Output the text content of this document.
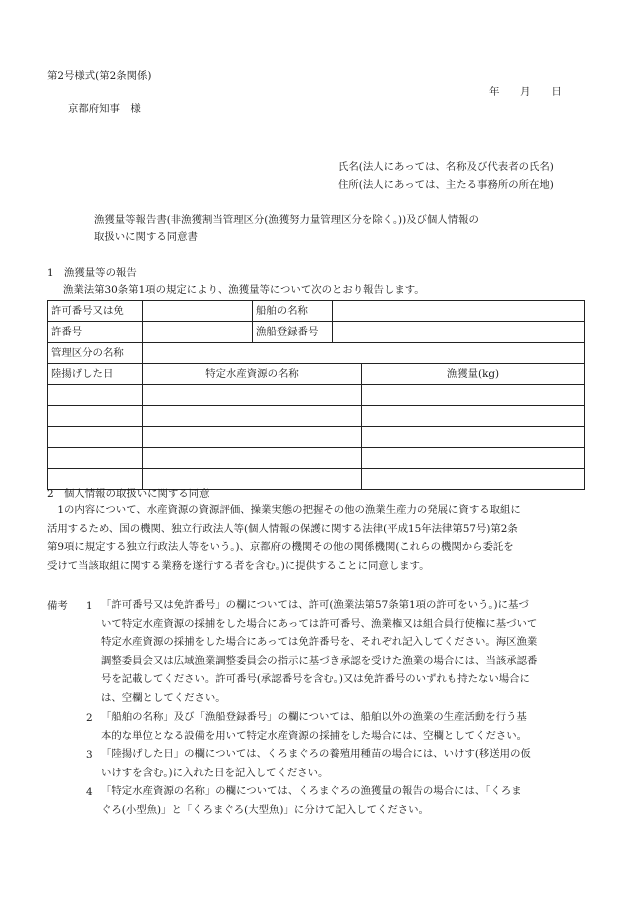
第2号様式(第2条関係)
年　　月　　日
京都府知事　様
氏名(法人にあっては、名称及び代表者の氏名)
住所(法人にあっては、主たる事務所の所在地)
漁獲量等報告書(非漁獲割当管理区分(漁獲努力量管理区分を除く。))及び個人情報の
取扱いに関する同意書
1　漁獲量等の報告
漁業法第30条第1項の規定により、漁獲量等について次のとおり報告します。
許可番号又は免		船舶の名称		
許番号		漁船登録番号		
管理区分の名称				
陸揚げした日	特定水産資源の名称			漁獲量(kg)

2　個人情報の取扱いに関する同意
　1の内容について、水産資源の資源評価、操業実態の把握その他の漁業生産力の発展に資する取組に
活用するため、国の機関、独立行政法人等(個人情報の保護に関する法律(平成15年法律第57号)第2条
第9項に規定する独立行政法人等をいう。)、京都府の機関その他の関係機関(これらの機関から委託を
受けて当該取組に関する業務を遂行する者を含む。)に提供することに同意します。
備考 1 「許可番号又は免許番号」の欄については、許可(漁業法第57条第1項の許可をいう。)に基づ
いて特定水産資源の採捕をした場合にあっては許可番号、漁業権又は組合員行使権に基づいて
特定水産資源の採捕をした場合にあっては免許番号を、それぞれ記入してください。海区漁業
調整委員会又は広域漁業調整委員会の指示に基づき承認を受けた漁業の場合には、当該承認番
号を記載してください。許可番号(承認番号を含む。)又は免許番号のいずれも持たない場合に
は、空欄としてください。
2 「船舶の名称」及び「漁船登録番号」の欄については、船舶以外の漁業の生産活動を行う基
本的な単位となる設備を用いて特定水産資源の採捕をした場合には、空欄としてください。
3 「陸揚げした日」の欄については、くろまぐろの養殖用種苗の場合には、いけす(移送用の仮
いけすを含む。)に入れた日を記入してください。
4 「特定水産資源の名称」の欄については、くろまぐろの漁獲量の報告の場合には、「くろま
ぐろ(小型魚)」と「くろまぐろ(大型魚)」に分けて記入してください。
